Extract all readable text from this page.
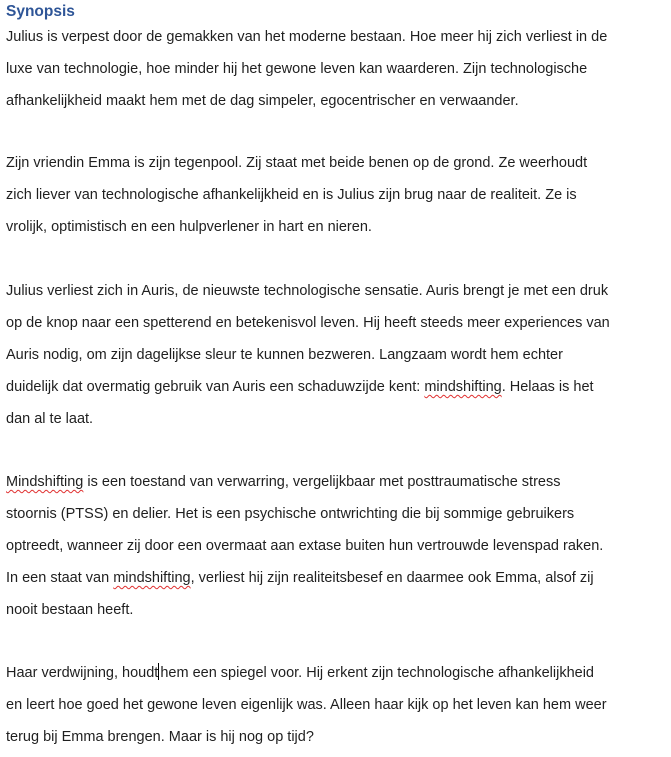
Synopsis
Julius is verpest door de gemakken van het moderne bestaan. Hoe meer hij zich verliest in de
luxe van technologie, hoe minder hij het gewone leven kan waarderen. Zijn technologische
afhankelijkheid maakt hem met de dag simpeler, egocentrischer en verwaander.
Zijn vriendin Emma is zijn tegenpool. Zij staat met beide benen op de grond. Ze weerhoudt
zich liever van technologische afhankelijkheid en is Julius zijn brug naar de realiteit. Ze is
vrolijk, optimistisch en een hulpverlener in hart en nieren.
Julius verliest zich in Auris, de nieuwste technologische sensatie. Auris brengt je met een druk
op de knop naar een spetterend en betekenisvol leven. Hij heeft steeds meer experiences van
Auris nodig, om zijn dagelijkse sleur te kunnen bezweren. Langzaam wordt hem echter
duidelijk dat overmatig gebruik van Auris een schaduwzijde kent: mindshifting. Helaas is het
dan al te laat.
Mindshifting is een toestand van verwarring, vergelijkbaar met posttraumatische stress
stoornis (PTSS) en delier. Het is een psychische ontwrichting die bij sommige gebruikers
optreedt, wanneer zij door een overmaat aan extase buiten hun vertrouwde levenspad raken.
In een staat van mindshifting, verliest hij zijn realiteitsbesef en daarmee ook Emma, alsof zij
nooit bestaan heeft.
Haar verdwijning, houdt hem een spiegel voor. Hij erkent zijn technologische afhankelijkheid
en leert hoe goed het gewone leven eigenlijk was. Alleen haar kijk op het leven kan hem weer
terug bij Emma brengen. Maar is hij nog op tijd?
